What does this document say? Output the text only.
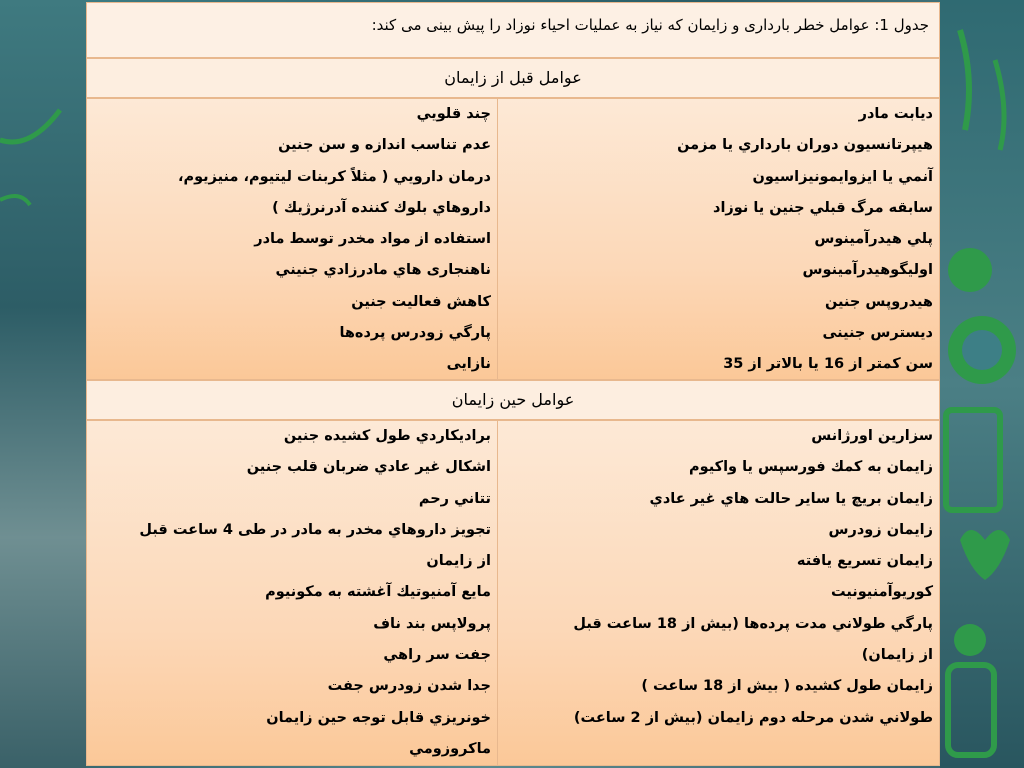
جدول 1: عوامل خطر بارداری و زایمان که نیاز به عملیات احیاء نوزاد را پیش بینی می کند:
عوامل قبل از زایمان
ديابت مادر
هيپرتانسيون دوران بارداري يا مزمن
آنمي يا ايزوايمونيزاسيون
سابقه مرگ قبلي جنين يا نوزاد
پلي هيدرآمينوس
اوليگوهيدرآمينوس
هيدروپس جنين
ديسترس جنينی
سن كمتر از 16 يا بالاتر از 35
چند قلويي
عدم تناسب اندازه و سن جنين
درمان دارويي ( مثلاً كربنات ليتيوم، منيزيوم،
داروهاي بلوك كننده آدرنرژيك )
استفاده از مواد مخدر توسط مادر
ناهنجارى هاي مادرزادي جنيني
كاهش فعاليت جنين
پارگي زودرس پرده‌ها
نازايى
عوامل حین زایمان
سزارين اورژانس
زايمان به كمك فورسپس يا واكيوم
زايمان بريچ يا ساير حالت هاي غير عادي
زايمان زودرس
زايمان تسريع يافته
كوريوآمنيونيت
پارگي طولاني مدت پرده‌ها (بيش از 18 ساعت قبل
از زايمان)
زايمان طول كشيده ( بيش از 18 ساعت )
طولاني شدن مرحله دوم زايمان (بيش از 2 ساعت)
براديكاردي طول كشيده جنين
اشكال غير عادي ضربان قلب جنين
تتاني رحم
تجويز داروهاي مخدر به مادر در طی 4 ساعت قبل
از زايمان
مايع آمنيوتيك آغشته به مكونيوم
پرولاپس بند ناف
جفت سر راهي
جدا شدن زودرس جفت
خونريزي قابل توجه حين زايمان
ماكروزومي
